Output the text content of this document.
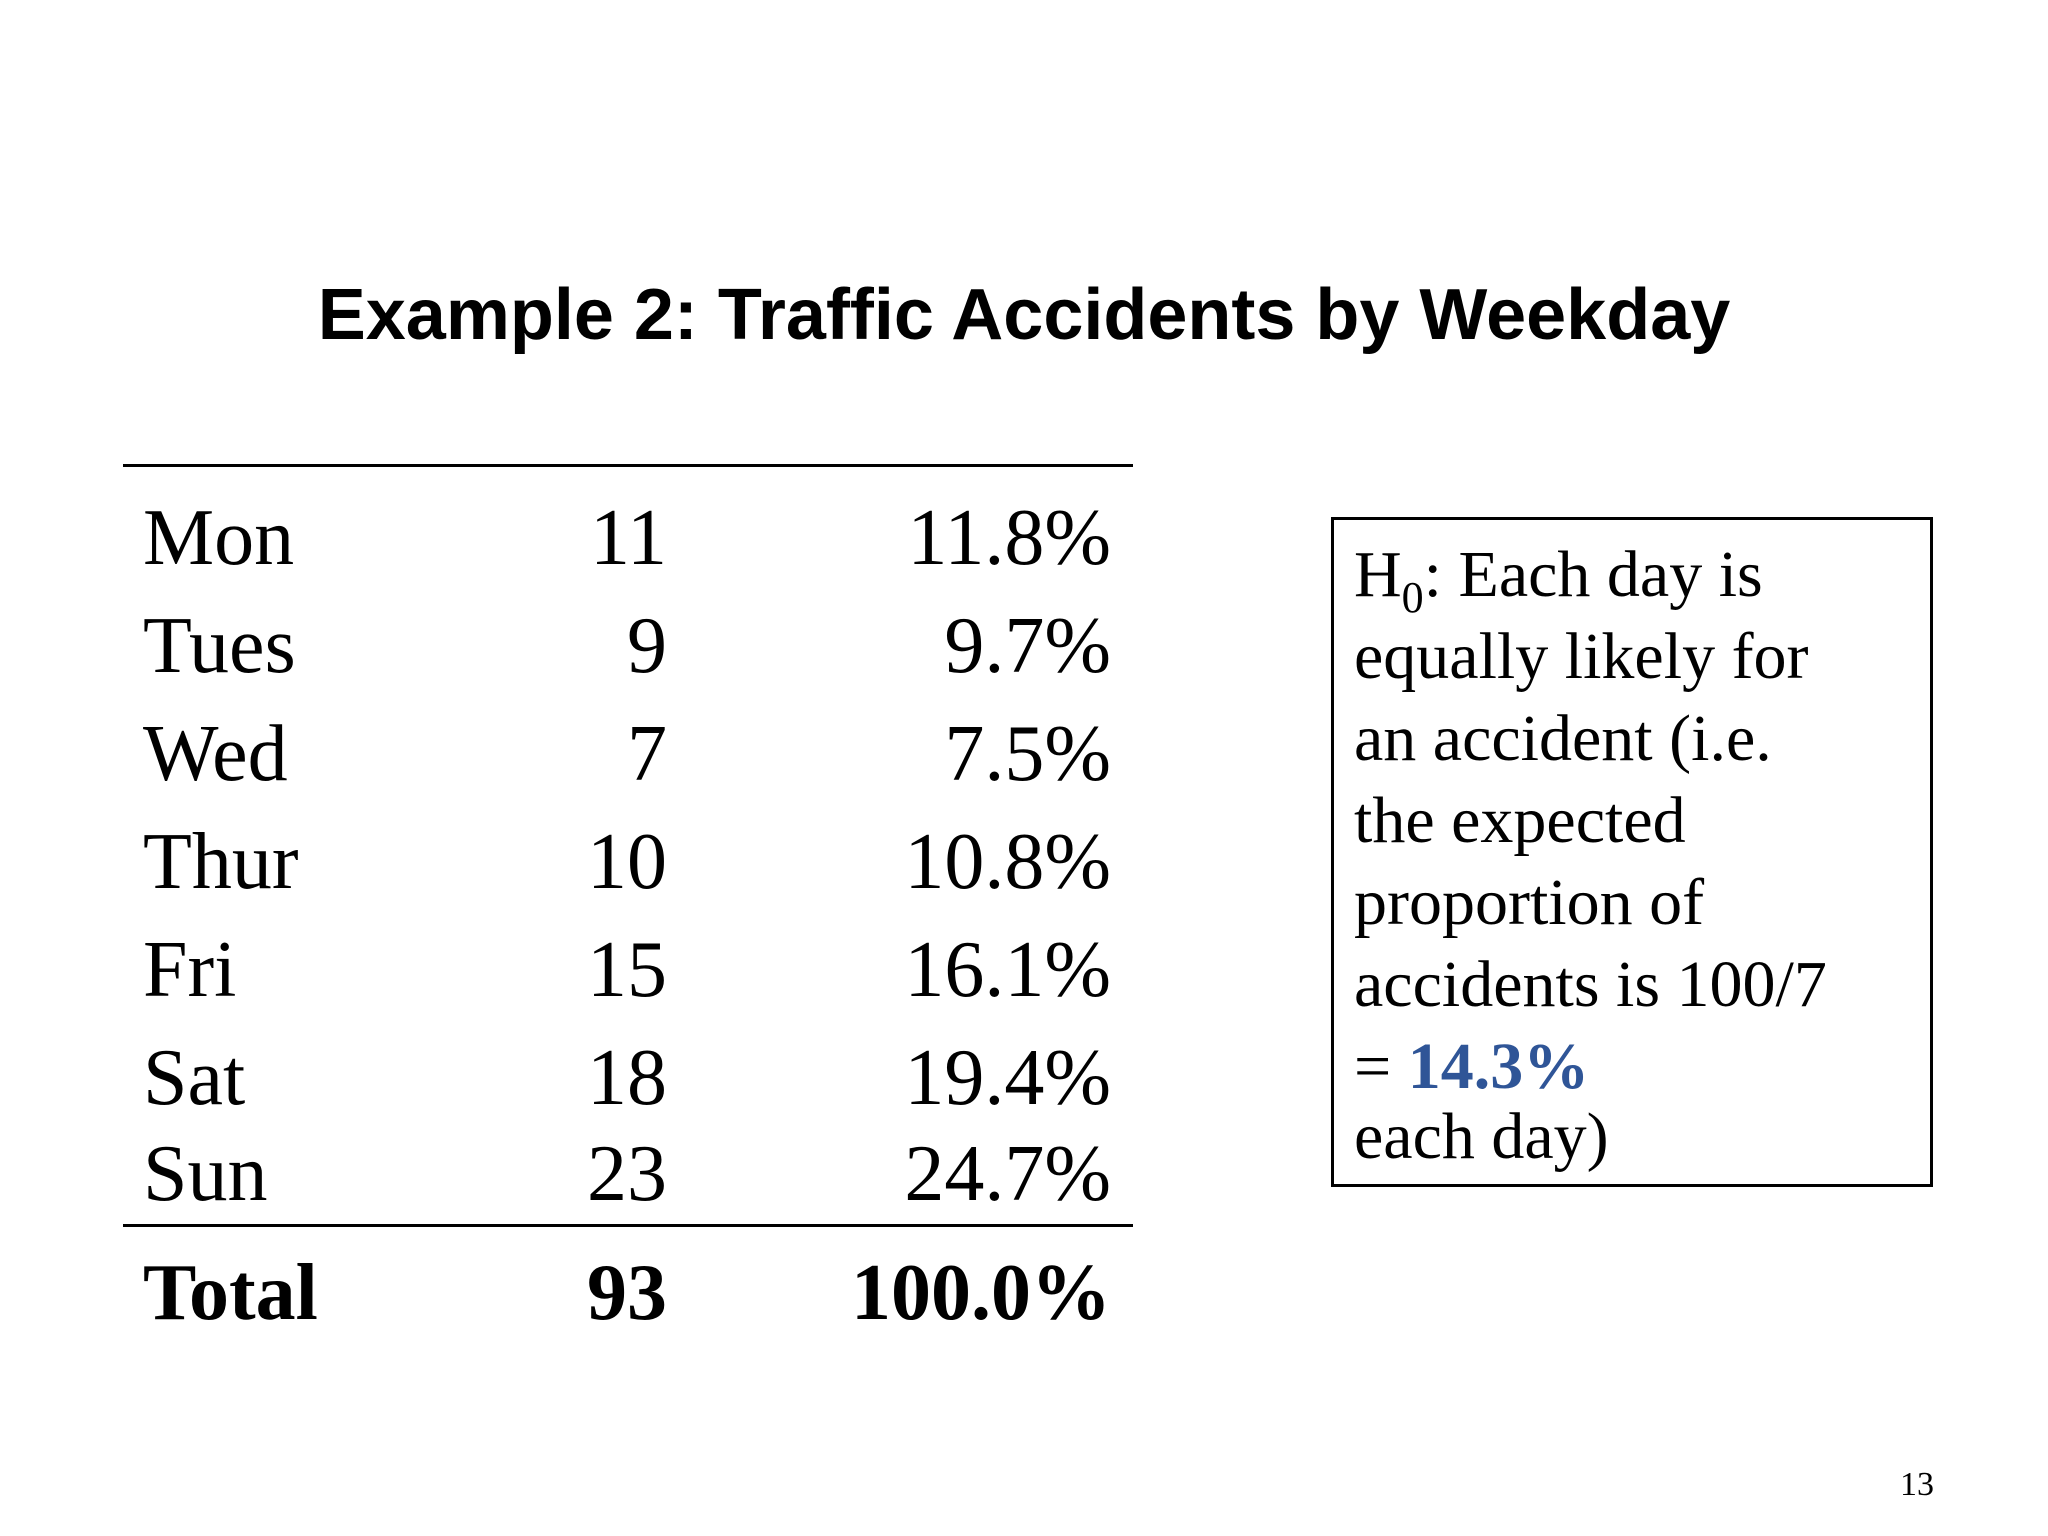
Example 2: Traffic Accidents by Weekday
Mon	11	11.8%
Tues	9	9.7%
Wed	7	7.5%
Thur	10	10.8%
Fri	15	16.1%
Sat	18	19.4%
Sun	23	24.7%
Total	93 100.0%
$H_0$: Each day is
equally likely for
an accident (i.e.
the expected
proportion of
accidents is 100/7
= 14.3%
each day)
13
